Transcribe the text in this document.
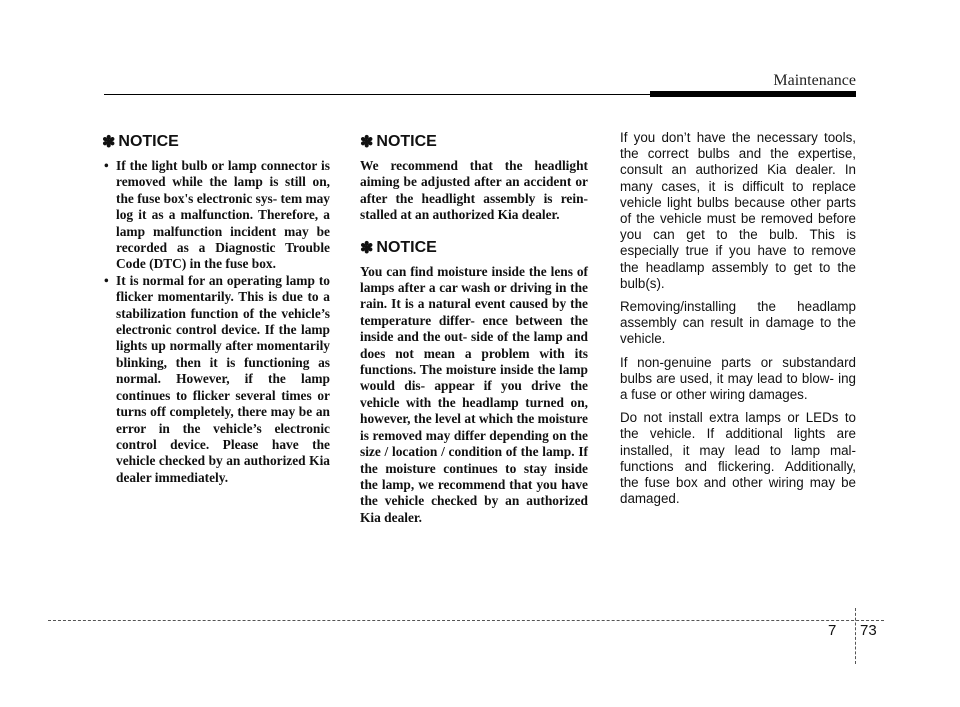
Maintenance
✽ NOTICE
• If the light bulb or lamp connector is removed while the lamp is still on, the fuse box's electronic sys- tem may log it as a malfunction. Therefore, a lamp malfunction incident may be recorded as a Diagnostic Trouble Code (DTC) in the fuse box.
• It is normal for an operating lamp to flicker momentarily. This is due to a stabilization function of the vehicle’s electronic control device. If the lamp lights up normally after momentarily blinking, then it is functioning as normal. However, if the lamp continues to flicker several times or turns off completely, there may be an error in the vehicle’s electronic control device. Please have the vehicle checked by an authorized Kia dealer immediately.
✽ NOTICE
We recommend that the headlight aiming be adjusted after an accident or after the headlight assembly is rein- stalled at an authorized Kia dealer.
✽ NOTICE
You can find moisture inside the lens of lamps after a car wash or driving in the rain. It is a natural event caused by the temperature differ- ence between the inside and the out- side of the lamp and does not mean a problem with its functions. The moisture inside the lamp would dis- appear if you drive the vehicle with the headlamp turned on, however, the level at which the moisture is removed may differ depending on the size / location / condition of the lamp. If the moisture continues to stay inside the lamp, we recommend that you have the vehicle checked by an authorized Kia dealer.

If you don’t have the necessary tools, the correct bulbs and the expertise, consult an authorized Kia dealer. In many cases, it is difficult to replace vehicle light bulbs because other parts of the vehicle must be removed before you can get to the bulb. This is especially true if you have to remove the headlamp assembly to get to the bulb(s).

Removing/installing the headlamp assembly can result in damage to the vehicle.

If non-genuine parts or substandard bulbs are used, it may lead to blow- ing a fuse or other wiring damages.

Do not install extra lamps or LEDs to the vehicle. If additional lights are installed, it may lead to lamp mal- functions and flickering. Additionally, the fuse box and other wiring may be damaged.

7 73
